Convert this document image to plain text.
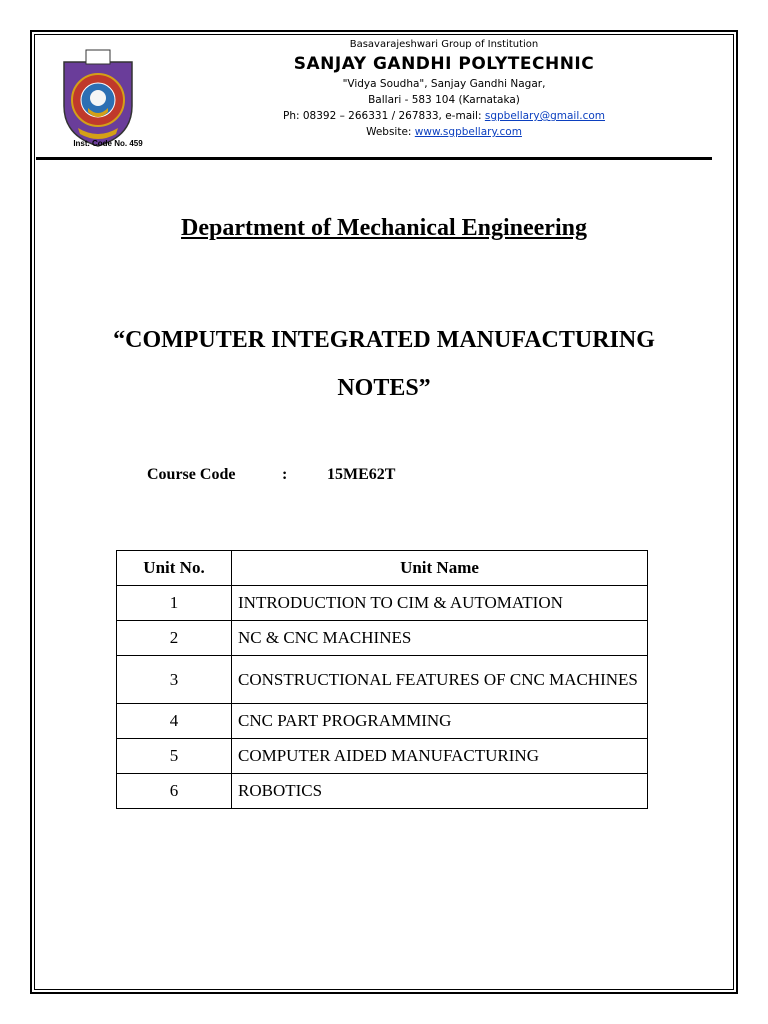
Inst. Code No. 459
Basavarajeshwari Group of Institution
SANJAY GANDHI POLYTECHNIC
"Vidya Soudha", Sanjay Gandhi Nagar,
Ballari - 583 104 (Karnataka)
Ph: 08392 – 266331 / 267833, e-mail: sgpbellary@gmail.com
Website: www.sgpbellary.com
Department of Mechanical Engineering
“COMPUTER INTEGRATED MANUFACTURING
NOTES”
Course Code	:	15ME62T
Unit No.	Unit Name
1	INTRODUCTION TO CIM & AUTOMATION
2	NC & CNC MACHINES
3	CONSTRUCTIONAL FEATURES OF CNC MACHINES
4	CNC PART PROGRAMMING
5	COMPUTER AIDED MANUFACTURING
6	ROBOTICS
